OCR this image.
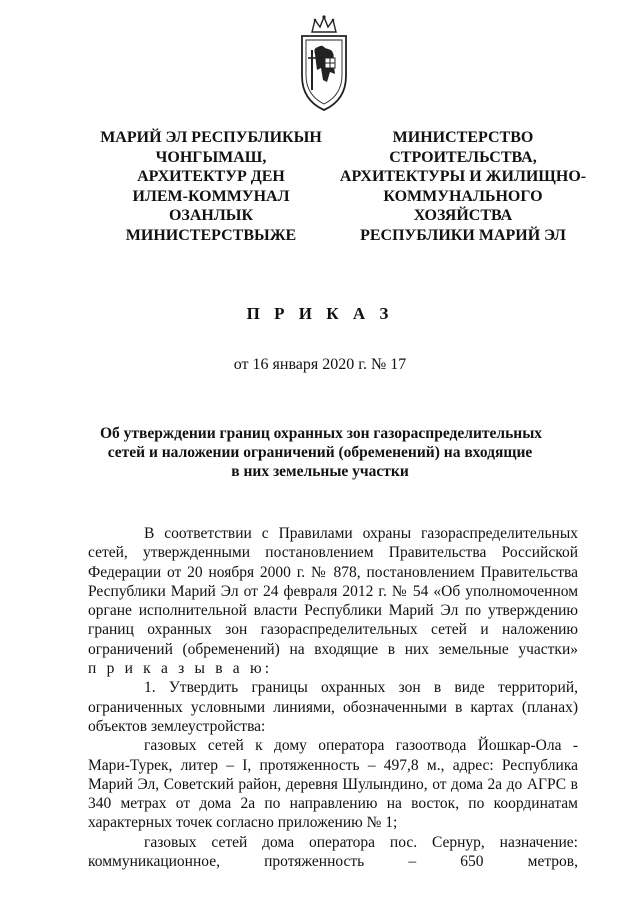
МАРИЙ ЭЛ РЕСПУБЛИКЫН
ЧОНГЫМАШ,
АРХИТЕКТУР ДЕН
ИЛЕМ-КОММУНАЛ
ОЗАНЛЫК
МИНИСТЕРСТВЫЖЕ
МИНИСТЕРСТВО
СТРОИТЕЛЬСТВА,
АРХИТЕКТУРЫ И ЖИЛИЩНО-
КОММУНАЛЬНОГО
ХОЗЯЙСТВА
РЕСПУБЛИКИ МАРИЙ ЭЛ
П Р И К А З
от 16 января 2020 г. № 17
Об утверждении границ охранных зон газораспределительных
сетей и наложении ограничений (обременений) на входящие
в них земельные участки
В соответствии с Правилами охраны газораспределительных
сетей, утвержденными постановлением Правительства Российской
Федерации от 20 ноября 2000 г. № 878, постановлением Правительства
Республики Марий Эл от 24 февраля 2012 г. № 54 «Об уполномоченном
органе исполнительной власти Республики Марий Эл по утверждению
границ охранных зон газораспределительных сетей и наложению
ограничений (обременений) на входящие в них земельные участки»
п р и к а з ы в а ю:
1. Утвердить границы охранных зон в виде территорий,
ограниченных условными линиями, обозначенными в картах (планах)
объектов землеустройства:
газовых сетей к дому оператора газоотвода Йошкар-Ола -
Мари-Турек, литер – I, протяженность – 497,8 м., адрес: Республика
Марий Эл, Советский район, деревня Шулындино, от дома 2а до АГРС в
340 метрах от дома 2а по направлению на восток, по координатам
характерных точек согласно приложению № 1;
газовых сетей дома оператора пос. Сернур, назначение:
коммуникационное, протяженность – 650 метров,
